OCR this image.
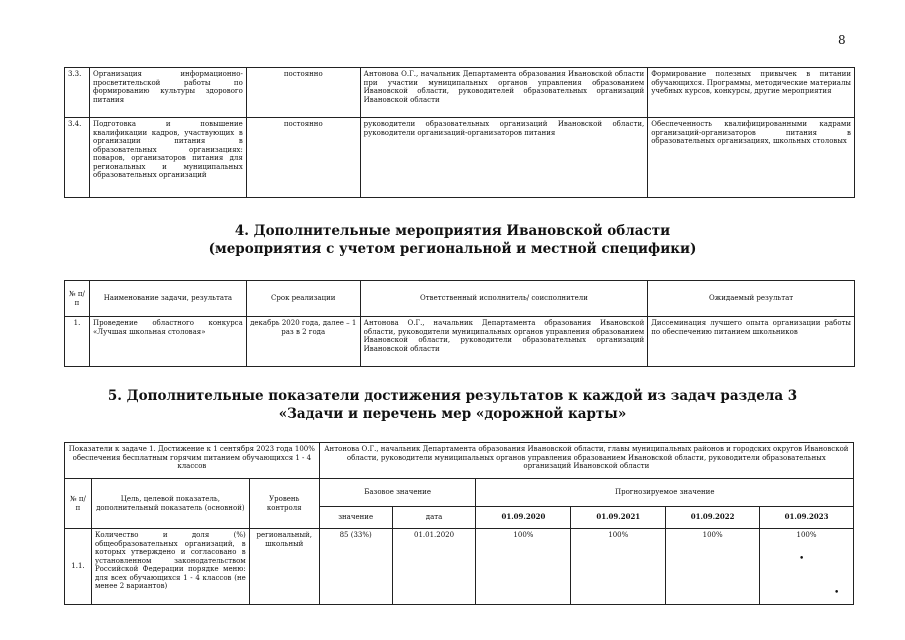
8
3.3.	Организация информационно-просветительской работы по формированию культуры здорового питания	постоянно	Антонова О.Г., начальник Департамента образования Ивановской области при участии муниципальных органов управления образованием Ивановской области, руководителей образовательных организаций Ивановской области	Формирование полезных привычек в питании обучающихся. Программы, методические материалы учебных курсов, конкурсы, другие мероприятия
3.4.	Подготовка и повышение квалификации кадров, участвующих в организации питания в образовательных организациях: поваров, организаторов питания для региональных и муниципальных образовательных организаций	постоянно	руководители образовательных организаций Ивановской области, руководители организаций-организаторов питания	Обеспеченность квалифицированными кадрами организаций-организаторов питания в образовательных организациях, школьных столовых
4. Дополнительные мероприятия Ивановской области
(мероприятия с учетом региональной и местной специфики)
№ п/п	Наименование задачи, результата	Срок реализации	Ответственный исполнитель/ соисполнители	Ожидаемый результат
1.	Проведение областного конкурса «Лучшая школьная столовая»	декабрь 2020 года, далее – 1 раз в 2 года	Антонова О.Г., начальник Департамента образования Ивановской области, руководители муниципальных органов управления образованием Ивановской области, руководители образовательных организаций Ивановской области	Диссеминация лучшего опыта организации работы по обеспечению питанием школьников
5. Дополнительные показатели достижения результатов к каждой из задач раздела 3
«Задачи и перечень мер «дорожной карты»
Показатели к задаче 1. Достижение к 1 сентября 2023 года 100% обеспечения бесплатным горячим питанием обучающихся 1 - 4 классов			Антонова О.Г., начальник Департамента образования Ивановской области, главы муниципальных районов и городских округов Ивановской области, руководители муниципальных органов управления образованием Ивановской области, руководители образовательных организаций Ивановской области					
№ п/п	Цель, целевой показатель, дополнительный показатель (основной)	Уровень контроля	Базовое значение		Прогнозируемое значение			
			значение	дата	01.09.2020	01.09.2021	01.09.2022	01.09.2023
1.1.	Количество и доля (%) общеобразовательных организаций, в которых утверждено и согласовано в установленном законодательством Российской Федерации порядке меню: для всех обучающихся 1 - 4 классов (не менее 2 вариантов)	региональный, школьный	85 (33%)	01.01.2020	100%	100%	100%	100%
•
•
